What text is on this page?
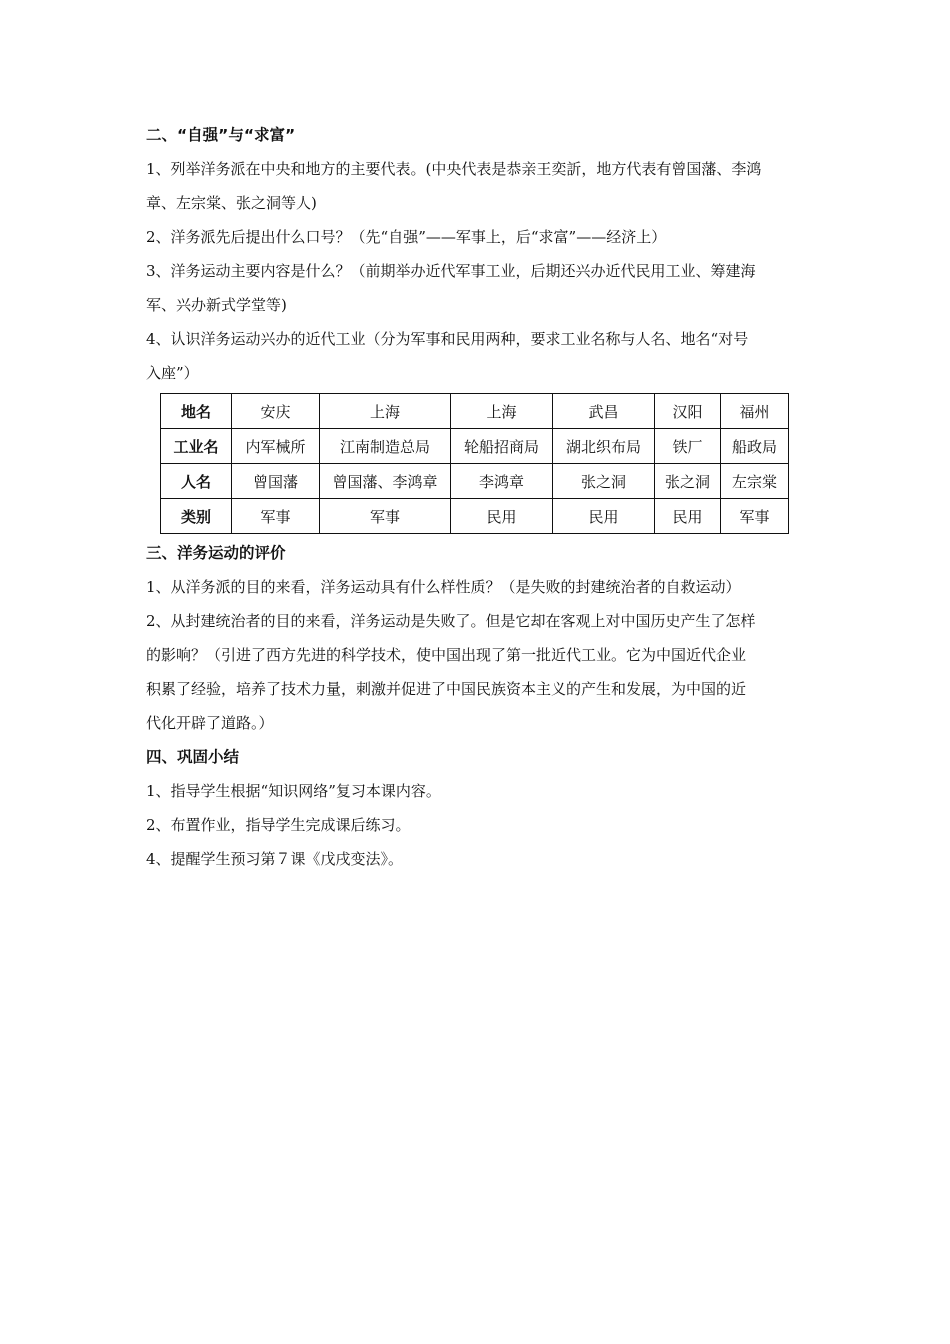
二、“自强”与“求富”
1、列举洋务派在中央和地方的主要代表。(中央代表是恭亲王奕訢，地方代表有曾国藩、李鸿
章、左宗棠、张之洞等人)
2、洋务派先后提出什么口号？（先“自强”——军事上，后“求富”——经济上）
3、洋务运动主要内容是什么？（前期举办近代军事工业，后期还兴办近代民用工业、筹建海
军、兴办新式学堂等)
4、认识洋务运动兴办的近代工业（分为军事和民用两种，要求工业名称与人名、地名“对号
入座”）
地名	安庆	上海	上海	武昌	汉阳	福州
工业名	内军械所	江南制造总局	轮船招商局	湖北织布局	铁厂	船政局
人名	曾国藩	曾国藩、李鸿章	李鸿章	张之洞	张之洞	左宗棠
类别	军事	军事	民用	民用	民用	军事
三、洋务运动的评价
1、从洋务派的目的来看，洋务运动具有什么样性质？（是失败的封建统治者的自救运动）
2、从封建统治者的目的来看，洋务运动是失败了。但是它却在客观上对中国历史产生了怎样
的影响？（引进了西方先进的科学技术，使中国出现了第一批近代工业。它为中国近代企业
积累了经验，培养了技术力量，刺激并促进了中国民族资本主义的产生和发展，为中国的近
代化开辟了道路。）
四、巩固小结
1、指导学生根据“知识网络”复习本课内容。
2、布置作业，指导学生完成课后练习。
4、提醒学生预习第７课《戊戌变法》。
